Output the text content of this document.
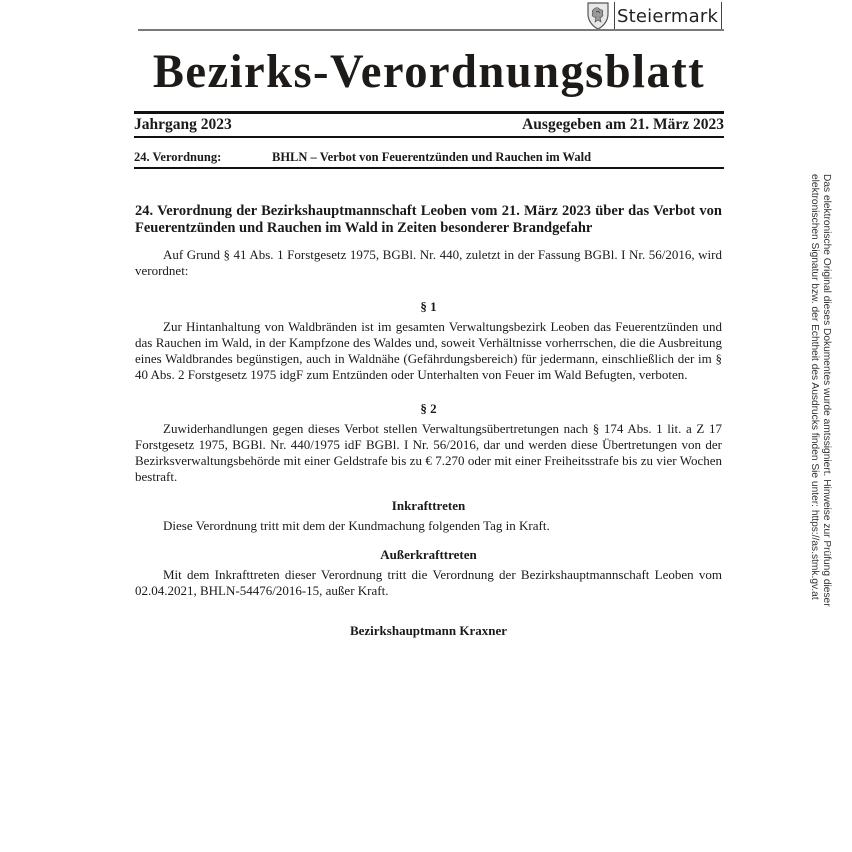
Steiermark
Bezirks-Verordnungsblatt
Jahrgang 2023	Ausgegeben am 21. März 2023
24. Verordnung:	BHLN – Verbot von Feuerentzünden und Rauchen im Wald
24. Verordnung der Bezirkshauptmannschaft Leoben vom 21. März 2023 über das Verbot von Feuerentzünden und Rauchen im Wald in Zeiten besonderer Brandgefahr

Auf Grund § 41 Abs. 1 Forstgesetz 1975, BGBl. Nr. 440, zuletzt in der Fassung BGBl. I Nr. 56/2016, wird verordnet:

§ 1

Zur Hintanhaltung von Waldbränden ist im gesamten Verwaltungsbezirk Leoben das Feuerentzünden und das Rauchen im Wald, in der Kampfzone des Waldes und, soweit Verhältnisse vorherrschen, die die Ausbreitung eines Waldbrandes begünstigen, auch in Waldnähe (Gefährdungsbereich) für jedermann, einschließlich der im § 40 Abs. 2 Forstgesetz 1975 idgF zum Entzünden oder Unterhalten von Feuer im Wald Befugten, verboten.

§ 2

Zuwiderhandlungen gegen dieses Verbot stellen Verwaltungsübertretungen nach § 174 Abs. 1 lit. a Z 17 Forstgesetz 1975, BGBl. Nr. 440/1975 idF BGBl. I Nr. 56/2016, dar und werden diese Übertretungen von der Bezirksverwaltungsbehörde mit einer Geldstrafe bis zu € 7.270 oder mit einer Freiheitsstrafe bis zu vier Wochen bestraft.

Inkrafttreten

Diese Verordnung tritt mit dem der Kundmachung folgenden Tag in Kraft.

Außerkrafttreten

Mit dem Inkrafttreten dieser Verordnung tritt die Verordnung der Bezirkshauptmannschaft Leoben vom 02.04.2021, BHLN-54476/2016-15, außer Kraft.

Bezirkshauptmann Kraxner
Das elektronische Original dieses Dokumentes wurde amtssigniert. Hinweise zur Prüfung dieser
elektronischen Signatur bzw. der Echtheit des Ausdrucks finden Sie unter: https://as.stmk.gv.at
